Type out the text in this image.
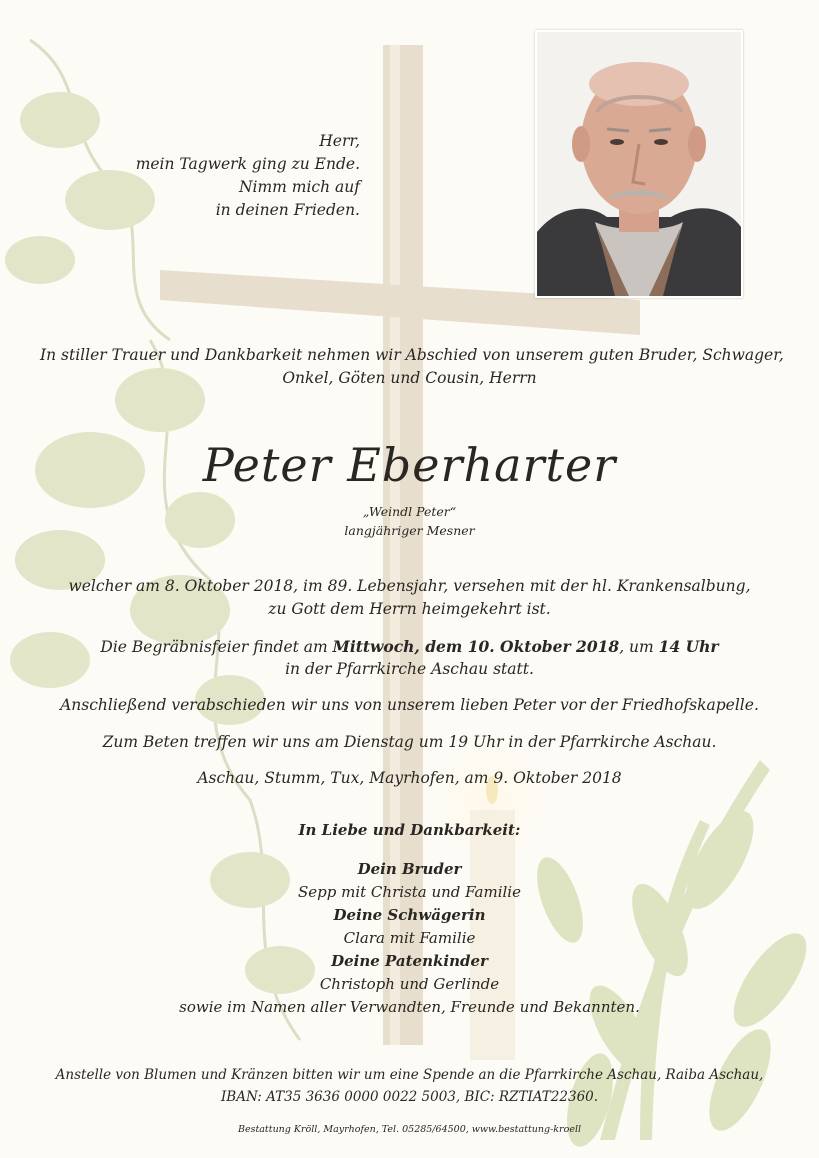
Herr,
mein Tagwerk ging zu Ende.
Nimm mich auf
in deinen Frieden.
In stiller Trauer und Dankbarkeit nehmen wir Abschied von unserem guten Bruder, Schwager,
Onkel, Göten und Cousin, Herrn
Peter Eberharter
„Weindl Peter“
langjähriger Mesner
welcher am 8. Oktober 2018, im 89. Lebensjahr, versehen mit der hl. Krankensalbung,
zu Gott dem Herrn heimgekehrt ist.
Die Begräbnisfeier findet am Mittwoch, dem 10. Oktober 2018, um 14 Uhr
in der Pfarrkirche Aschau statt.
Anschließend verabschieden wir uns von unserem lieben Peter vor der Friedhofskapelle.
Zum Beten treffen wir uns am Dienstag um 19 Uhr in der Pfarrkirche Aschau.
Aschau, Stumm, Tux, Mayrhofen, am 9. Oktober 2018
In Liebe und Dankbarkeit:
Dein Bruder
Sepp mit Christa und Familie
Deine Schwägerin
Clara mit Familie
Deine Patenkinder
Christoph und Gerlinde
sowie im Namen aller Verwandten, Freunde und Bekannten.
Anstelle von Blumen und Kränzen bitten wir um eine Spende an die Pfarrkirche Aschau, Raiba Aschau,
IBAN: AT35 3636 0000 0022 5003, BIC: RZTIAT22360.
Bestattung Kröll, Mayrhofen, Tel. 05285/64500, www.bestattung-kroell
